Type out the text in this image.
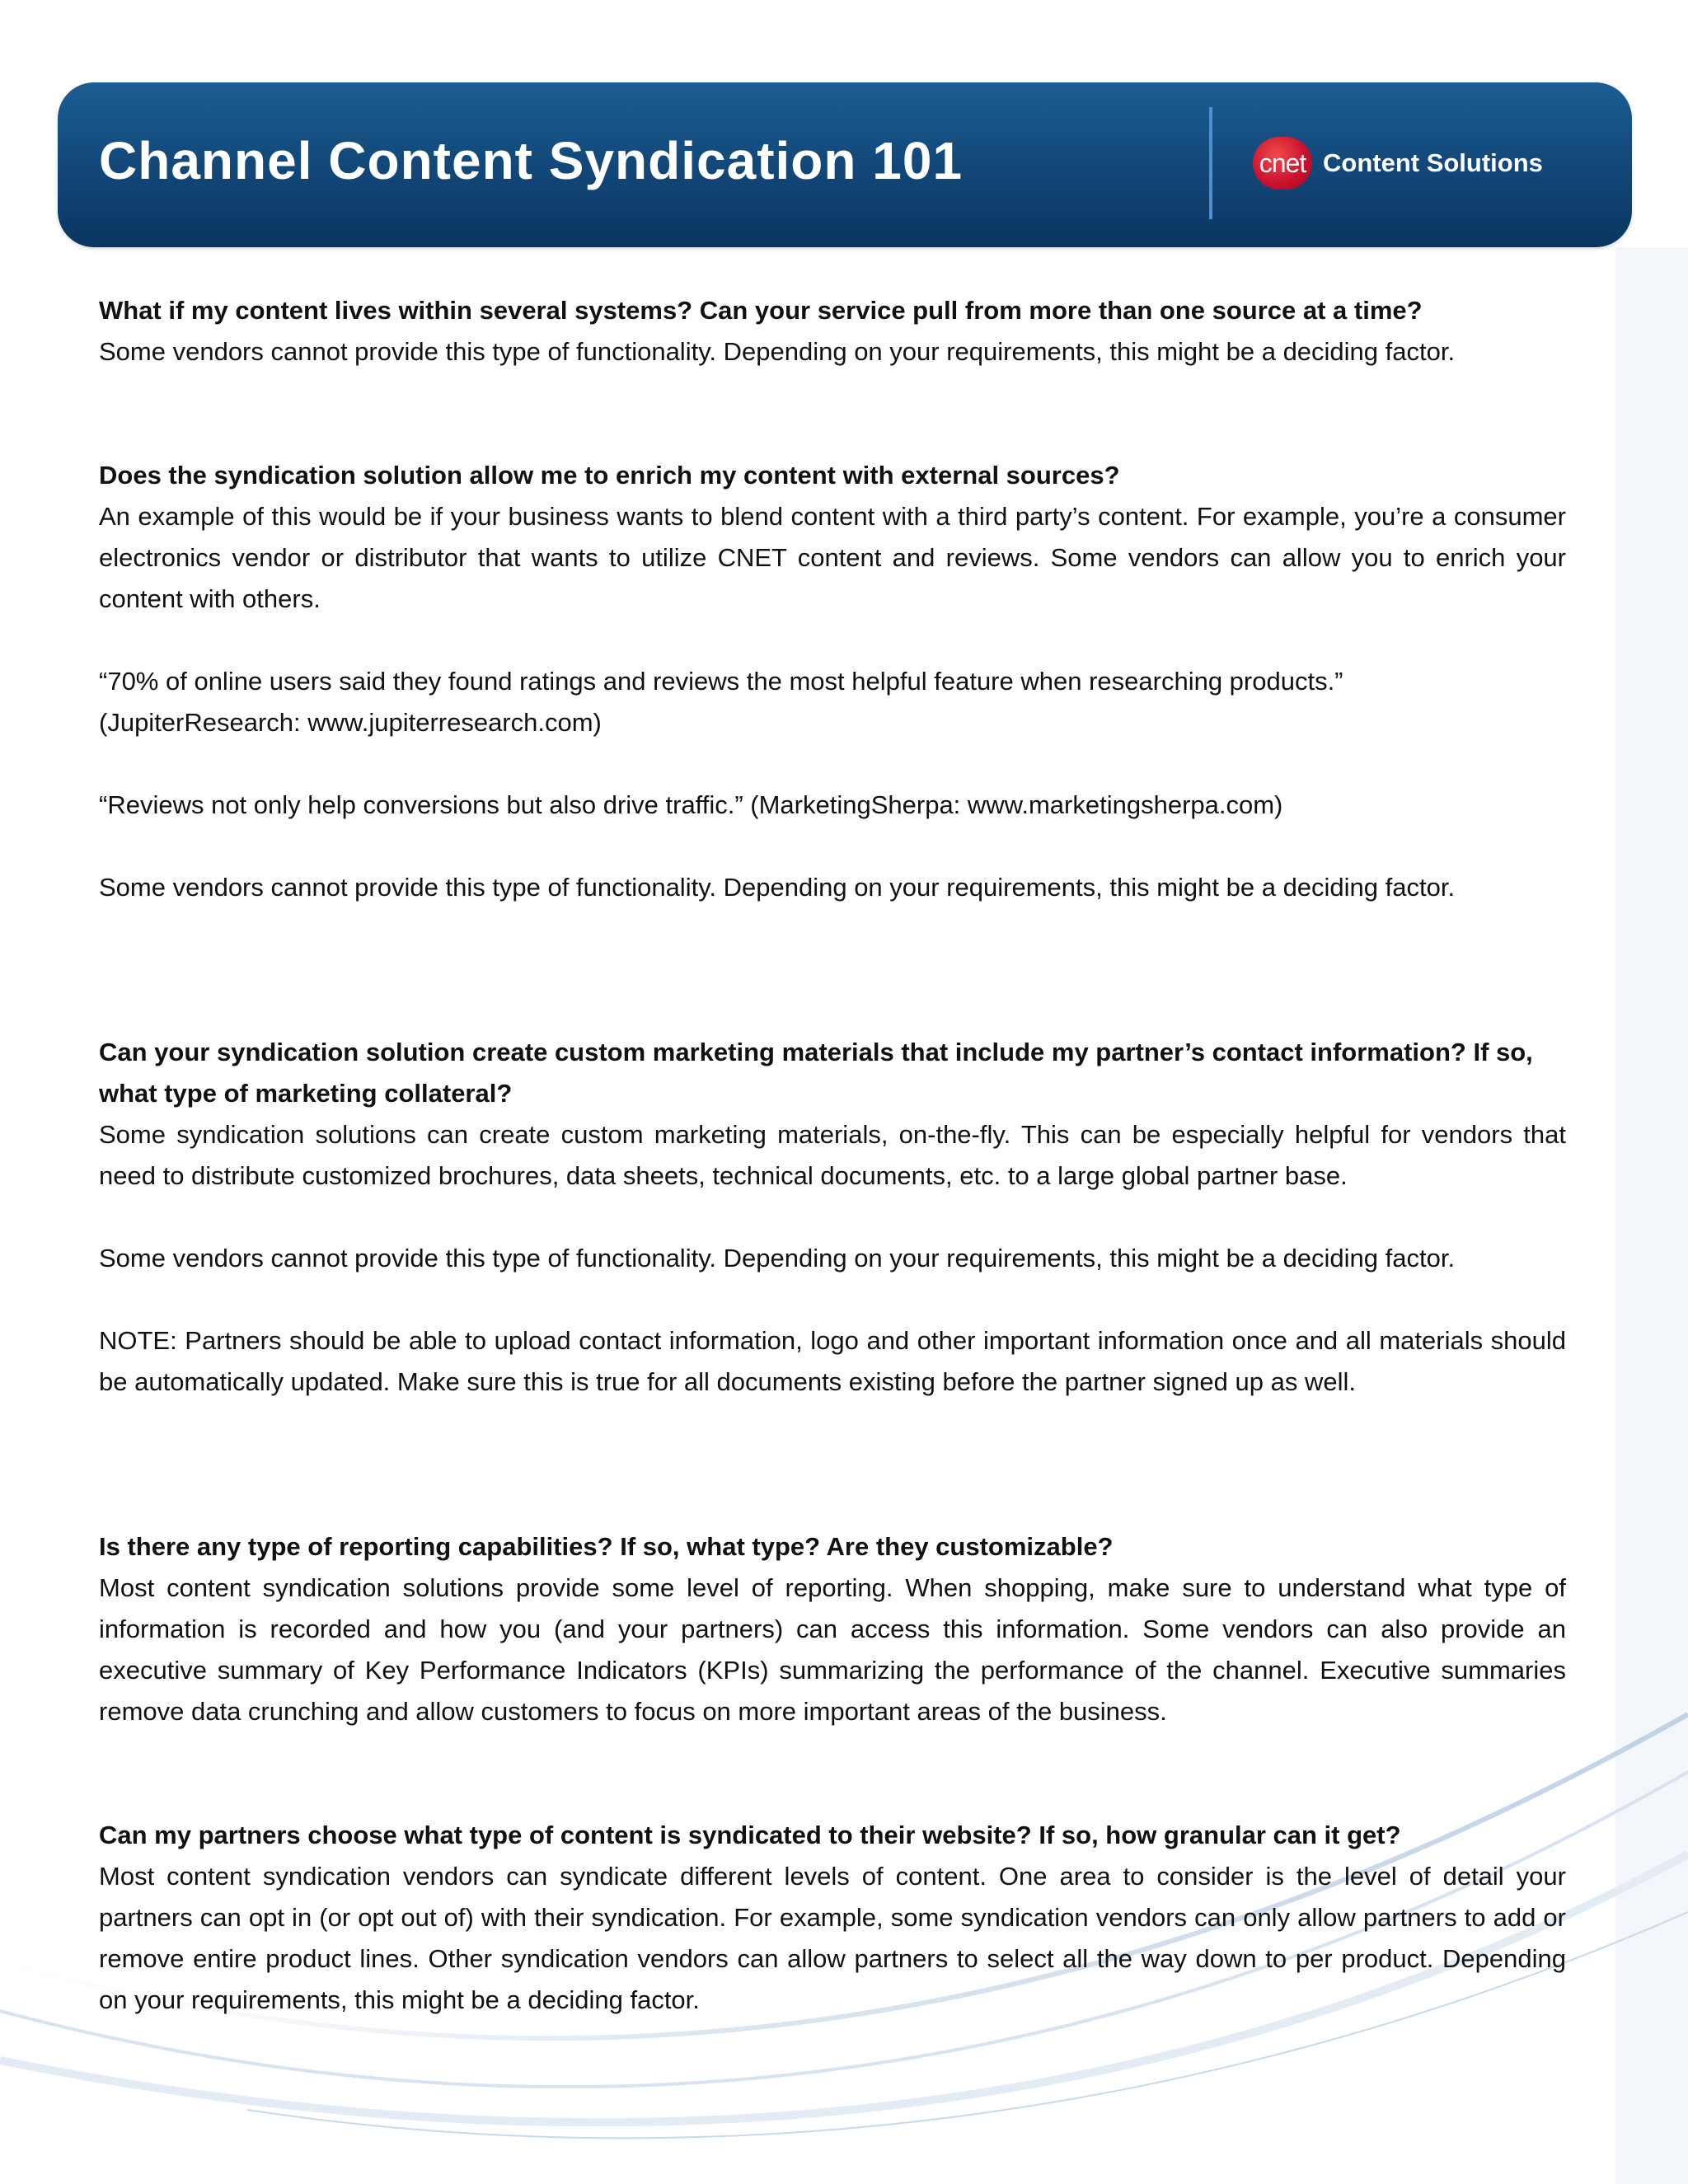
Channel Content Syndication 101	cnet Content Solutions

What if my content lives within several systems? Can your service pull from more than one source at a time?

Some vendors cannot provide this type of functionality. Depending on your requirements, this might be a deciding factor.

Does the syndication solution allow me to enrich my content with external sources?

An example of this would be if your business wants to blend content with a third party’s content. For example, you’re a consumer electronics vendor or distributor that wants to utilize CNET content and reviews. Some vendors can allow you to enrich your content with others.

“70% of online users said they found ratings and reviews the most helpful feature when researching products.”

(JupiterResearch: www.jupiterresearch.com)

“Reviews not only help conversions but also drive traffic.” (MarketingSherpa: www.marketingsherpa.com)

Some vendors cannot provide this type of functionality. Depending on your requirements, this might be a deciding factor.

Can your syndication solution create custom marketing materials that include my partner’s contact information? If so, what type of marketing collateral?

Some syndication solutions can create custom marketing materials, on-the-fly. This can be especially helpful for vendors that need to distribute customized brochures, data sheets, technical documents, etc. to a large global partner base.

Some vendors cannot provide this type of functionality. Depending on your requirements, this might be a deciding factor.

NOTE: Partners should be able to upload contact information, logo and other important information once and all materials should be automatically updated. Make sure this is true for all documents existing before the partner signed up as well.

Is there any type of reporting capabilities? If so, what type? Are they customizable?

Most content syndication solutions provide some level of reporting. When shopping, make sure to understand what type of information is recorded and how you (and your partners) can access this information. Some vendors can also provide an executive summary of Key Performance Indicators (KPIs) summarizing the performance of the channel. Executive summaries remove data crunching and allow customers to focus on more important areas of the business.

Can my partners choose what type of content is syndicated to their website? If so, how granular can it get?

Most content syndication vendors can syndicate different levels of content. One area to consider is the level of detail your partners can opt in (or opt out of) with their syndication. For example, some syndication vendors can only allow partners to add or remove entire product lines. Other syndication vendors can allow partners to select all the way down to per product. Depending on your requirements, this might be a deciding factor.
